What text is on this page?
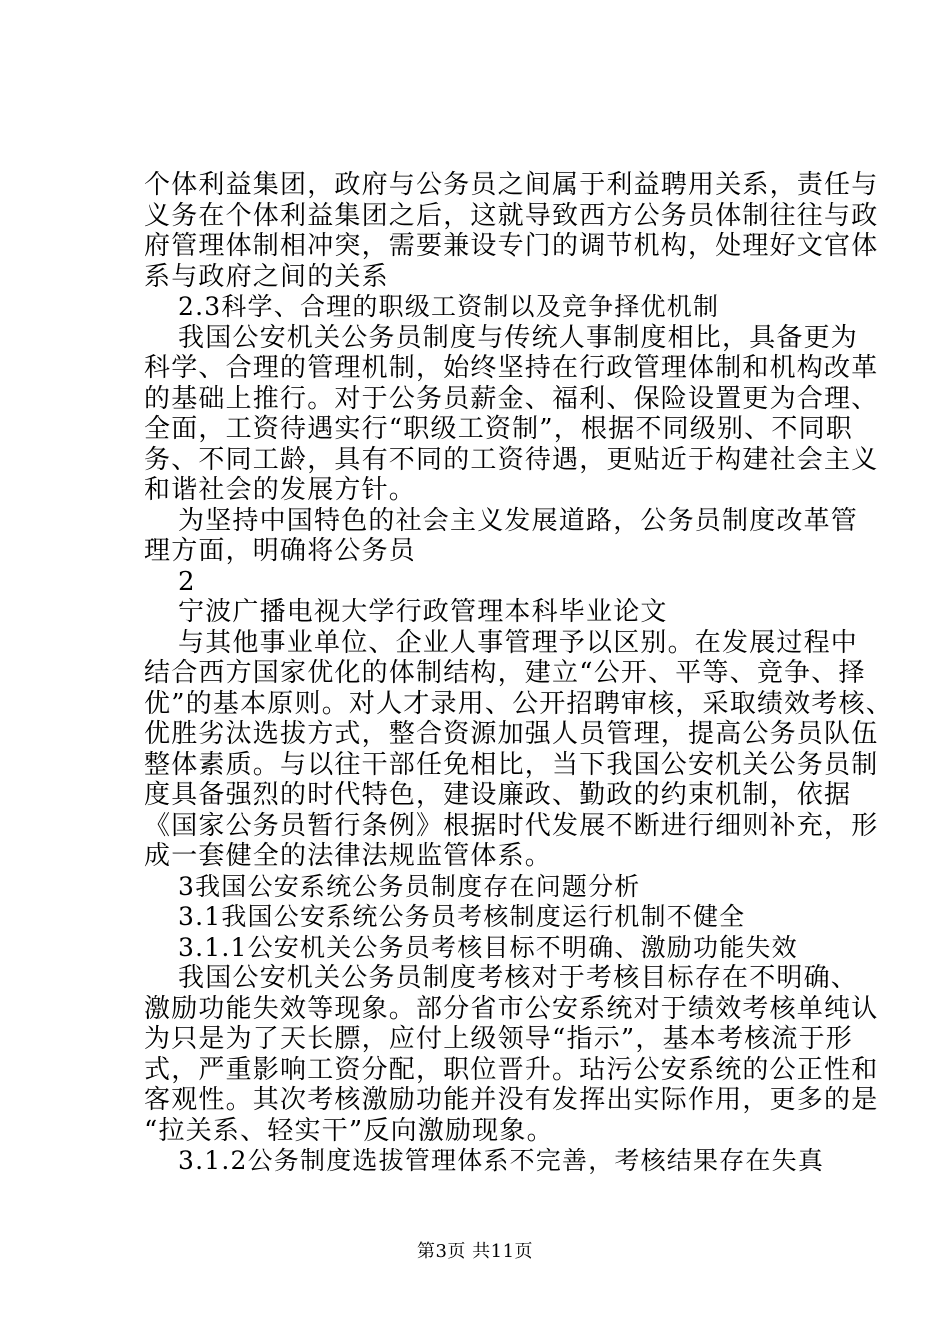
个体利益集团，政府与公务员之间属于利益聘用关系，责任与
义务在个体利益集团之后，这就导致西方公务员体制往往与政
府管理体制相冲突，需要兼设专门的调节机构，处理好文官体
系与政府之间的关系
2.3科学、合理的职级工资制以及竞争择优机制
我国公安机关公务员制度与传统人事制度相比，具备更为
科学、合理的管理机制，始终坚持在行政管理体制和机构改革
的基础上推行。对于公务员薪金、福利、保险设置更为合理、
全面，工资待遇实行“职级工资制”，根据不同级别、不同职
务、不同工龄，具有不同的工资待遇，更贴近于构建社会主义
和谐社会的发展方针。
为坚持中国特色的社会主义发展道路，公务员制度改革管
理方面，明确将公务员
2
宁波广播电视大学行政管理本科毕业论文
与其他事业单位、企业人事管理予以区别。在发展过程中
结合西方国家优化的体制结构，建立“公开、平等、竞争、择
优”的基本原则。对人才录用、公开招聘审核，采取绩效考核、
优胜劣汰选拔方式，整合资源加强人员管理，提高公务员队伍
整体素质。与以往干部任免相比，当下我国公安机关公务员制
度具备强烈的时代特色，建设廉政、勤政的约束机制，依据
《国家公务员暂行条例》根据时代发展不断进行细则补充，形
成一套健全的法律法规监管体系。
3我国公安系统公务员制度存在问题分析
3.1我国公安系统公务员考核制度运行机制不健全
3.1.1公安机关公务员考核目标不明确、激励功能失效
我国公安机关公务员制度考核对于考核目标存在不明确、
激励功能失效等现象。部分省市公安系统对于绩效考核单纯认
为只是为了天长膘，应付上级领导“指示”，基本考核流于形
式，严重影响工资分配，职位晋升。玷污公安系统的公正性和
客观性。其次考核激励功能并没有发挥出实际作用，更多的是
“拉关系、轻实干”反向激励现象。
3.1.2公务制度选拔管理体系不完善，考核结果存在失真
第3页 共11页
